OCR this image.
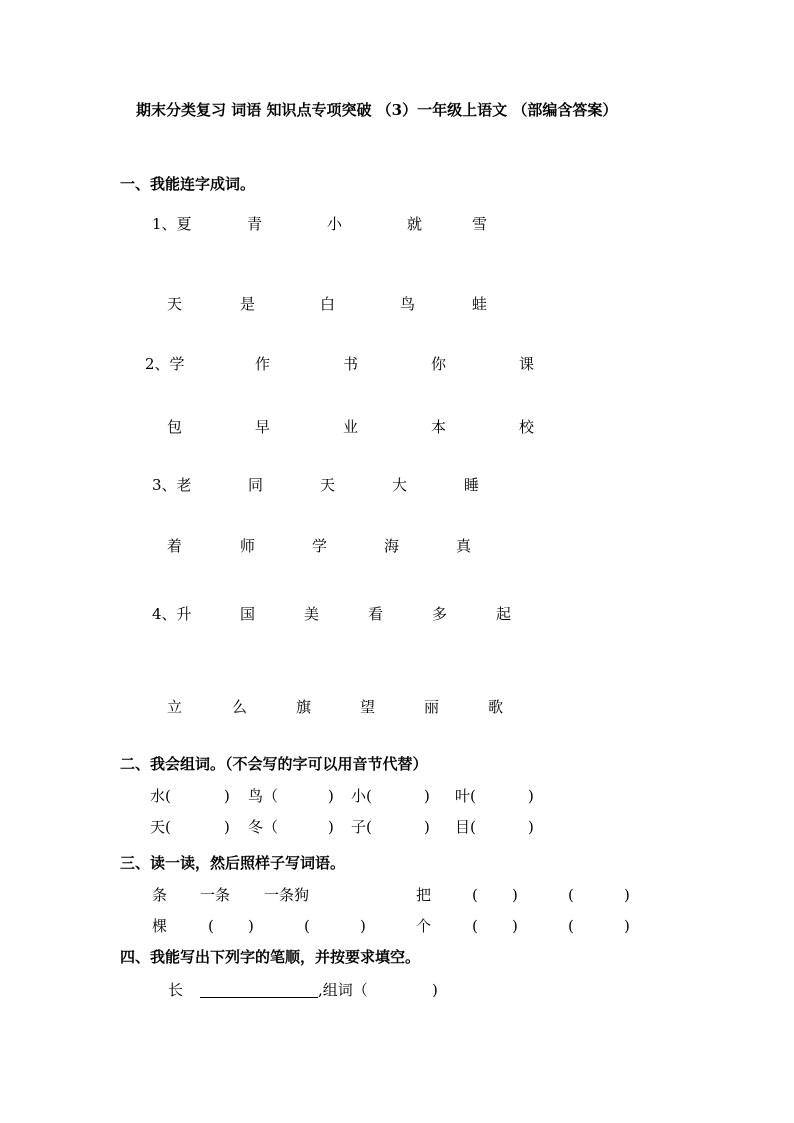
期末分类复习 词语 知识点专项突破 （3）一年级上语文 （部编含答案）
一、我能连字成词。
1、夏	青	小	就	雪
天	是	白	鸟	蛙
2、学	作	书	你	课
包	早	业	本	校
3、老	同	天	大	睡
着	师	学	海	真
4、升	国	美	看	多	起
立	么	旗	望	丽	歌
二、我会组词。（不会写的字可以用音节代替）
水(	) 鸟（	) 小(	) 叶(	)
天(	) 冬（	) 子(	) 目(	)
三、读一读，然后照样子写词语。
条 一条 一条狗	把	( )	(	)
棵	( )	(	)	个	( )	(	)
四、我能写出下列字的笔顺，并按要求填空。
长	,组词（	)
